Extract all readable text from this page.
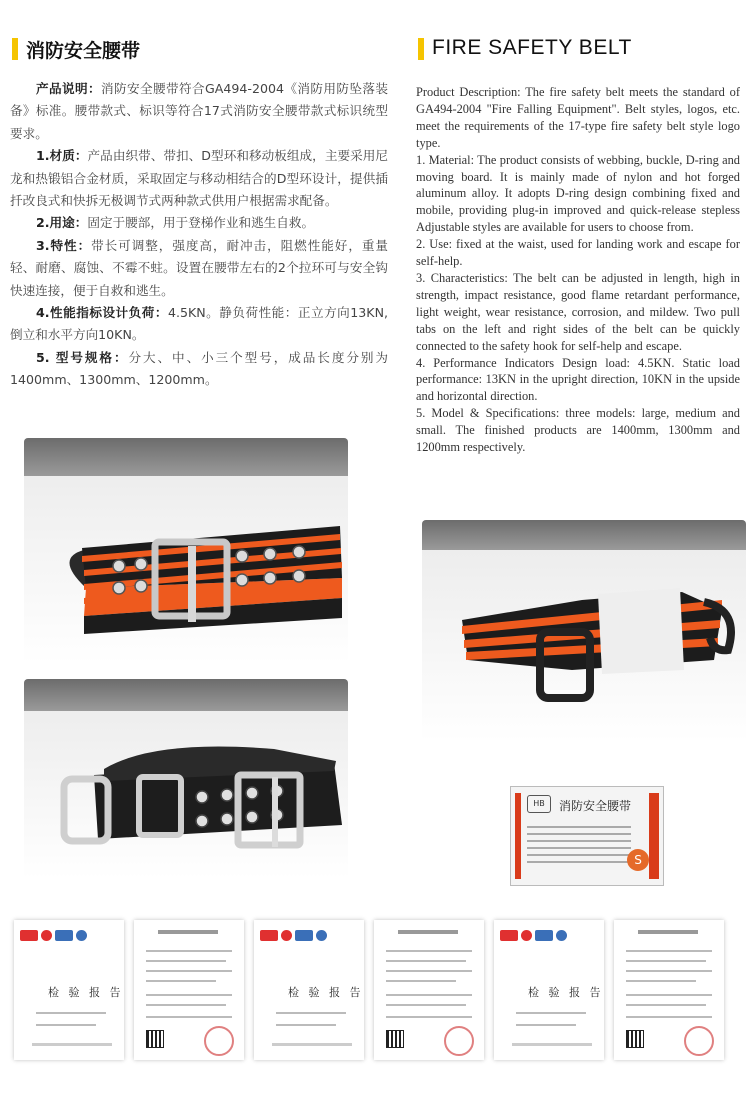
消防安全腰带	FIRE SAFETY BELT

产品说明：消防安全腰带符合GA494-2004《消防用防坠落装备》标准。腰带款式、标识等符合17式消防安全腰带款式标识统型要求。

1.材质：产品由织带、带扣、D型环和移动板组成，主要采用尼龙和热锻铝合金材质，采取固定与移动相结合的D型环设计，提供插扦改良式和快拆无极调节式两种款式供用户根据需求配备。

2.用途：固定于腰部，用于登梯作业和逃生自救。

3.特性：带长可调整，强度高，耐冲击，阻燃性能好，重量轻、耐磨、腐蚀、不霉不蛀。设置在腰带左右的2个拉环可与安全钩快速连接，便于自救和逃生。

4.性能指标设计负荷：4.5KN。静负荷性能：正立方向13KN,倒立和水平方向10KN。

5. 型号规格：分大、中、小三个型号，成品长度分别为1400mm、1300mm、1200mm。

Product Description: The fire safety belt meets the standard of GA494-2004 "Fire Falling Equipment". Belt styles, logos, etc. meet the requirements of the 17-type fire safety belt style logo type.

1. Material: The product consists of webbing, buckle, D-ring and moving board. It is mainly made of nylon and hot forged aluminum alloy. It adopts D-ring design combining fixed and mobile, providing plug-in improved and quick-release stepless Adjustable styles are available for users to choose from.

2. Use: fixed at the waist, used for landing work and escape for self-help.

3. Characteristics: The belt can be adjusted in length, high in strength, impact resistance, good flame retardant performance, light weight, wear resistance, corrosion, and mildew. Two pull tabs on the left and right sides of the belt can be quickly connected to the safety hook for self-help and escape.

4. Performance Indicators Design load: 4.5KN. Static load performance: 13KN in the upright direction, 10KN in the upside and horizontal direction.

5. Model & Specifications: three models: large, medium and small. The finished products are 1400mm, 1300mm and 1200mm respectively.

HB	消防安全腰带
S
检 验 报 告	检 验 报 告	检 验 报 告
